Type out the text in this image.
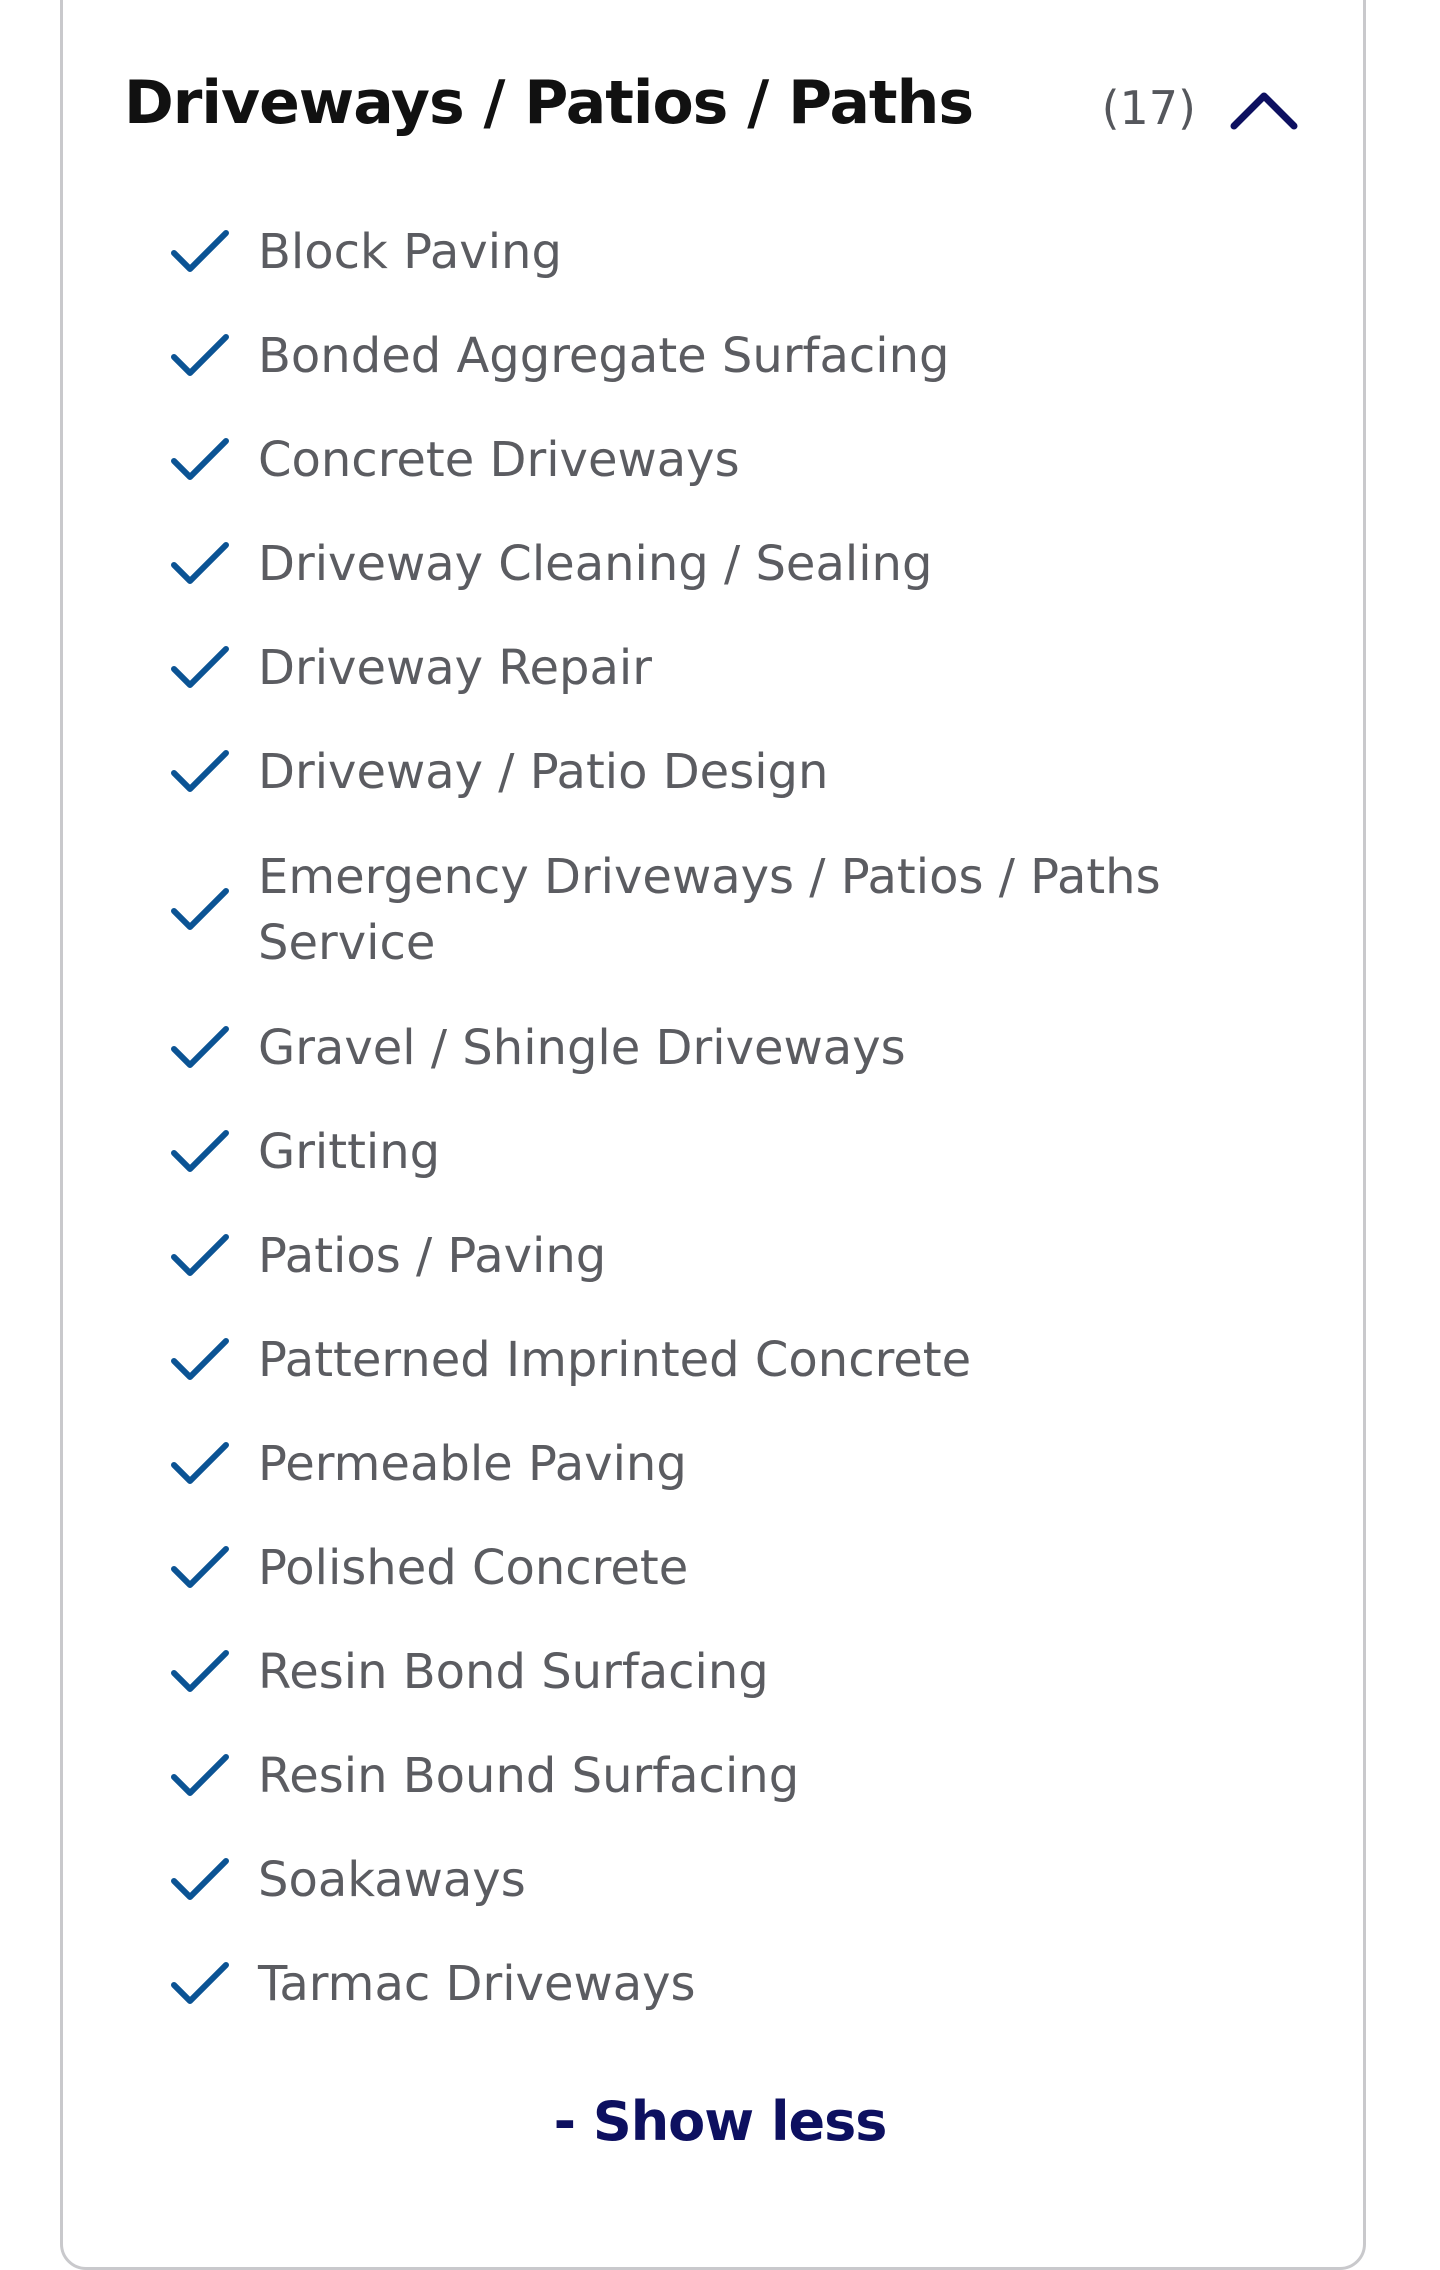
Driveways / Patios / Paths	(17)
Block Paving
Bonded Aggregate Surfacing
Concrete Driveways
Driveway Cleaning / Sealing
Driveway Repair
Driveway / Patio Design
Emergency Driveways / Patios / Paths Service
Gravel / Shingle Driveways
Gritting
Patios / Paving
Patterned Imprinted Concrete
Permeable Paving
Polished Concrete
Resin Bond Surfacing
Resin Bound Surfacing
Soakaways
Tarmac Driveways
- Show less
